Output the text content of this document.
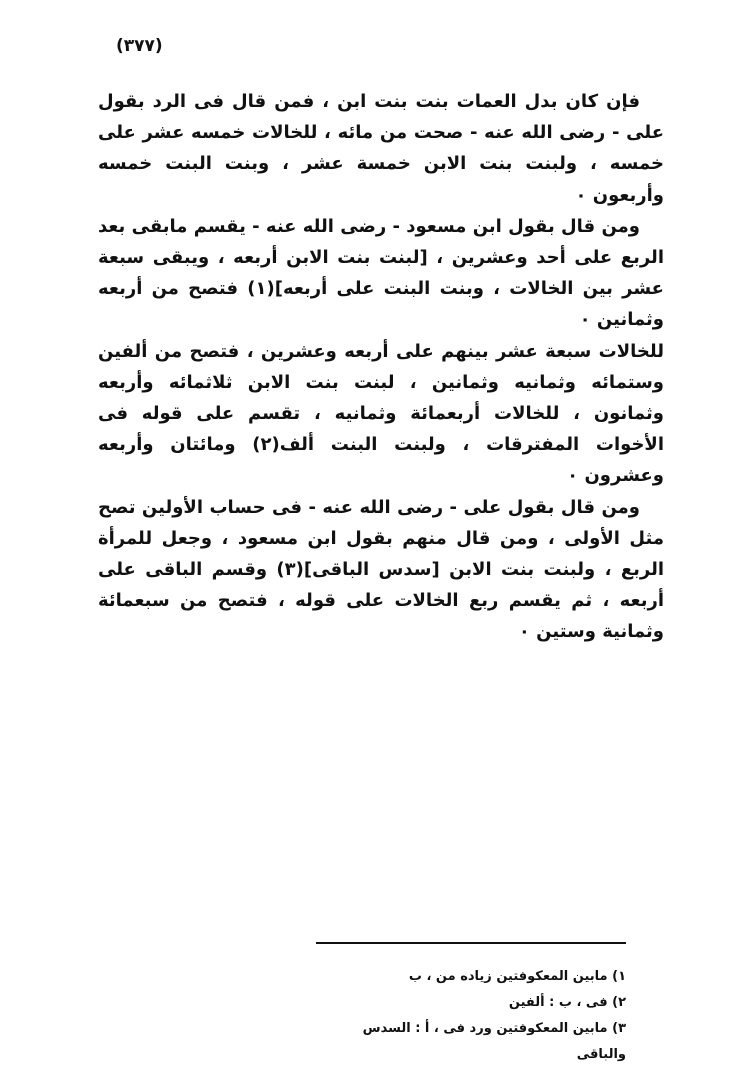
(٣٧٧)

فإن كان بدل العمات بنت بنت ابن ، فمن قال فى الرد بقول على - رضى الله عنه - صحت من مائه ، للخالات خمسه عشر على خمسه ، ولبنت بنت الابن خمسة عشر ، وبنت البنت خمسه وأربعون ٠

ومن قال بقول ابن مسعود - رضى الله عنه - يقسم مابقى بعد الربع على أحد وعشرين ، [لبنت بنت الابن أربعه ، ويبقى سبعة عشر بين الخالات ، وبنت البنت على أربعه](١) فتصح من أربعه وثمانين ٠

للخالات سبعة عشر بينهم على أربعه وعشرين ، فتصح من ألفين وستمائه وثمانيه وثمانين ، لبنت بنت الابن ثلاثمائه وأربعه وثمانون ، للخالات أربعمائة وثمانيه ، تقسم على قوله فى الأخوات المفترقات ، ولبنت البنت ألف(٢) ومائتان وأربعه وعشرون ٠

ومن قال بقول على - رضى الله عنه - فى حساب الأولين تصح مثل الأولى ، ومن قال منهم بقول ابن مسعود ، وجعل للمرأة الربع ، ولبنت بنت الابن [سدس الباقى](٣) وقسم الباقى على أربعه ، ثم يقسم ربع الخالات على قوله ، فتصح من سبعمائة وثمانية وستين ٠

١) مابين المعكوفتين زياده من ، ب

٢) فى ، ب : ألفين

٣) مابين المعكوفتين ورد فى ، أ : السدس والباقى
